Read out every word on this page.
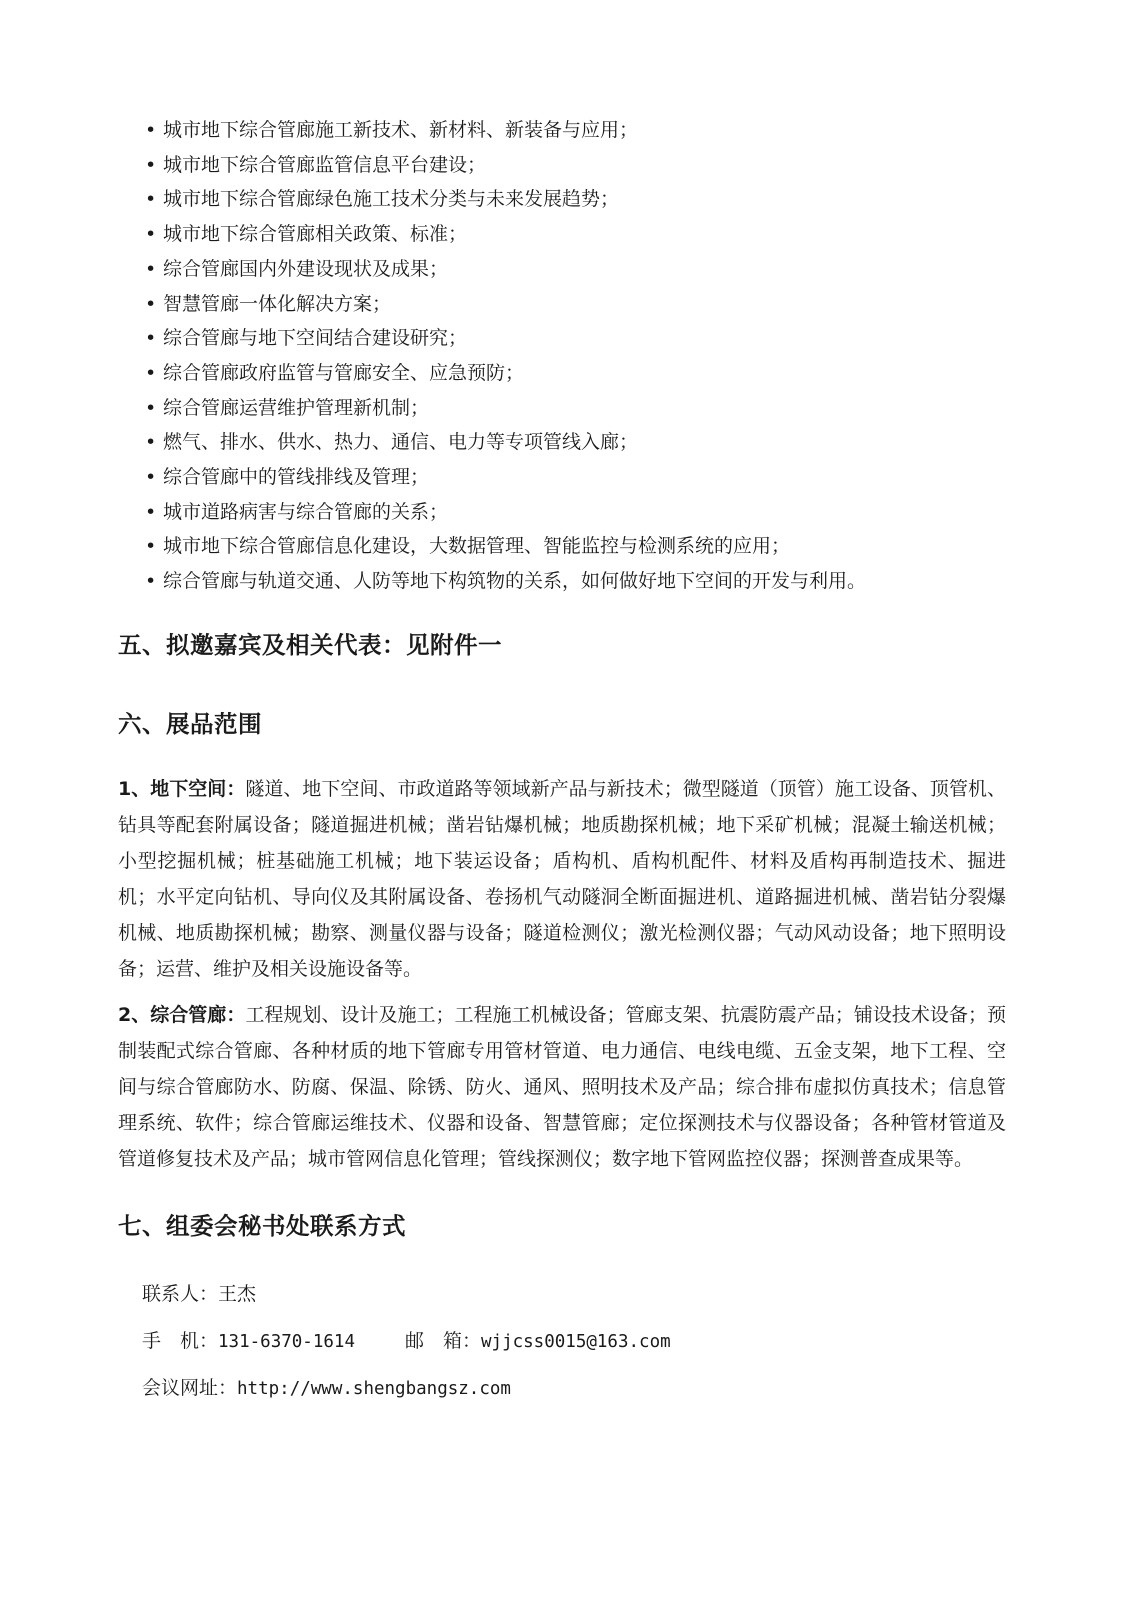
• 城市地下综合管廊施工新技术、新材料、新装备与应用；
• 城市地下综合管廊监管信息平台建设；
• 城市地下综合管廊绿色施工技术分类与未来发展趋势；
• 城市地下综合管廊相关政策、标准；
• 综合管廊国内外建设现状及成果；
• 智慧管廊一体化解决方案；
• 综合管廊与地下空间结合建设研究；
• 综合管廊政府监管与管廊安全、应急预防；
• 综合管廊运营维护管理新机制；
• 燃气、排水、供水、热力、通信、电力等专项管线入廊；
• 综合管廊中的管线排线及管理；
• 城市道路病害与综合管廊的关系；
• 城市地下综合管廊信息化建设，大数据管理、智能监控与检测系统的应用；
• 综合管廊与轨道交通、人防等地下构筑物的关系，如何做好地下空间的开发与利用。
五、拟邀嘉宾及相关代表：见附件一
六、展品范围

1、地下空间：隧道、地下空间、市政道路等领域新产品与新技术；微型隧道（顶管）施工设备、顶管机、钻具等配套附属设备；隧道掘进机械；凿岩钻爆机械；地质勘探机械；地下采矿机械；混凝土输送机械；小型挖掘机械；桩基础施工机械；地下装运设备；盾构机、盾构机配件、材料及盾构再制造技术、掘进机；水平定向钻机、导向仪及其附属设备、卷扬机气动隧洞全断面掘进机、道路掘进机械、凿岩钻分裂爆机械、地质勘探机械；勘察、测量仪器与设备；隧道检测仪；激光检测仪器；气动风动设备；地下照明设备；运营、维护及相关设施设备等。

2、综合管廊：工程规划、设计及施工；工程施工机械设备；管廊支架、抗震防震产品；铺设技术设备；预制装配式综合管廊、各种材质的地下管廊专用管材管道、电力通信、电线电缆、五金支架，地下工程、空间与综合管廊防水、防腐、保温、除锈、防火、通风、照明技术及产品；综合排布虚拟仿真技术；信息管理系统、软件；综合管廊运维技术、仪器和设备、智慧管廊；定位探测技术与仪器设备；各种管材管道及管道修复技术及产品；城市管网信息化管理；管线探测仪；数字地下管网监控仪器；探测普查成果等。

七、组委会秘书处联系方式
联系人：王杰
手　机：131-6370-1614	邮　箱：wjjcss0015@163.com
会议网址：http://www.shengbangsz.com
